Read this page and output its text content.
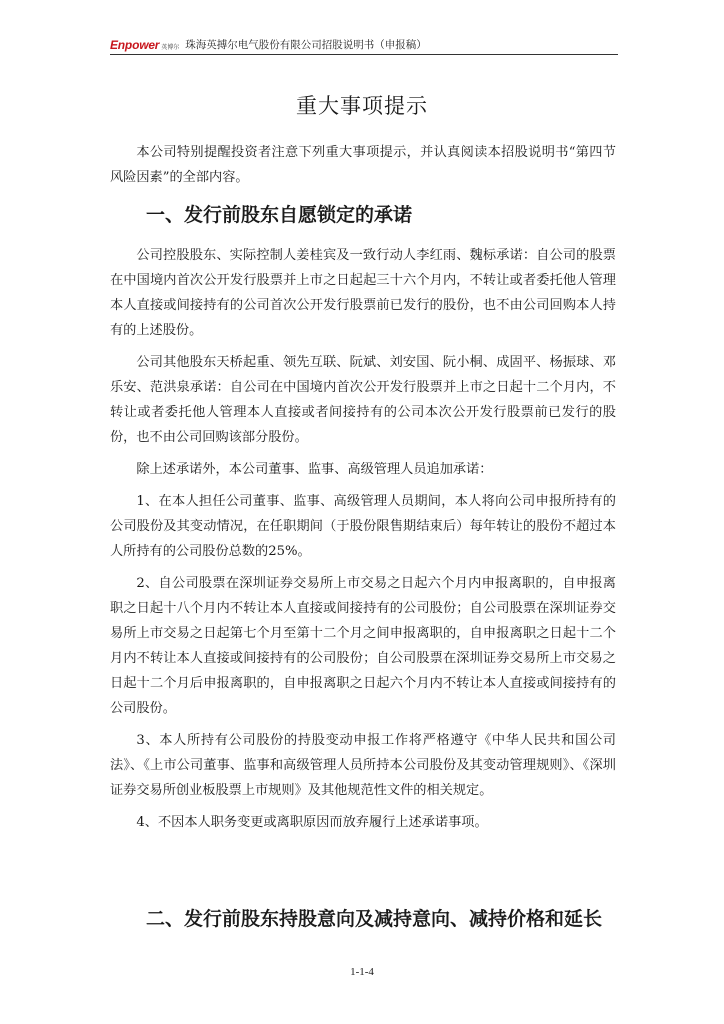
Enpower 英博尔 珠海英搏尔电气股份有限公司招股说明书（申报稿）
重大事项提示

本公司特别提醒投资者注意下列重大事项提示，并认真阅读本招股说明书“第四节 风险因素”的全部内容。

一、发行前股东自愿锁定的承诺

公司控股股东、实际控制人姜桂宾及一致行动人李红雨、魏标承诺：自公司的股票在中国境内首次公开发行股票并上市之日起起三十六个月内，不转让或者委托他人管理本人直接或间接持有的公司首次公开发行股票前已发行的股份，也不由公司回购本人持有的上述股份。

公司其他股东天桥起重、领先互联、阮斌、刘安国、阮小桐、成固平、杨振球、邓乐安、范洪泉承诺：自公司在中国境内首次公开发行股票并上市之日起十二个月内，不转让或者委托他人管理本人直接或者间接持有的公司本次公开发行股票前已发行的股份，也不由公司回购该部分股份。

除上述承诺外，本公司董事、监事、高级管理人员追加承诺：

1、在本人担任公司董事、监事、高级管理人员期间，本人将向公司申报所持有的公司股份及其变动情况，在任职期间（于股份限售期结束后）每年转让的股份不超过本人所持有的公司股份总数的25%。

2、自公司股票在深圳证券交易所上市交易之日起六个月内申报离职的，自申报离职之日起十八个月内不转让本人直接或间接持有的公司股份；自公司股票在深圳证券交易所上市交易之日起第七个月至第十二个月之间申报离职的，自申报离职之日起十二个月内不转让本人直接或间接持有的公司股份；自公司股票在深圳证券交易所上市交易之日起十二个月后申报离职的，自申报离职之日起六个月内不转让本人直接或间接持有的公司股份。

3、本人所持有公司股份的持股变动申报工作将严格遵守《中华人民共和国公司法》、《上市公司董事、监事和高级管理人员所持本公司股份及其变动管理规则》、《深圳证券交易所创业板股票上市规则》及其他规范性文件的相关规定。

4、不因本人职务变更或离职原因而放弃履行上述承诺事项。

二、发行前股东持股意向及减持意向、减持价格和延长
1-1-4
